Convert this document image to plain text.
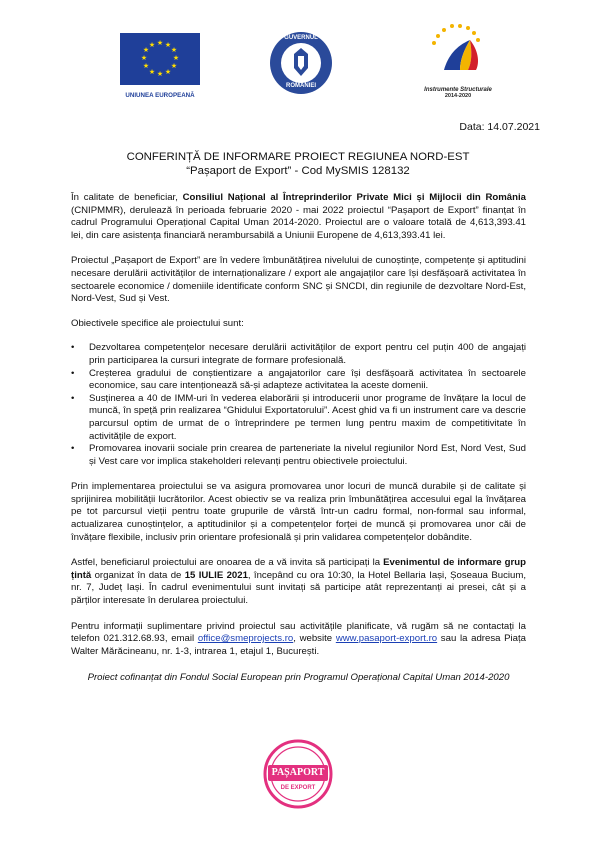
★ ★
★
★
★
★
★
★
★
★
★
★
UNIUNEA EUROPEANĂ
GUVERNUL
ROMÂNIEI
Instrumente Structurale
2014-2020
Data: 14.07.2021
CONFERINȚĂ DE INFORMARE PROIECT REGIUNEA NORD-EST
“Pașaport de Export” - Cod MySMIS 128132

În calitate de beneficiar, Consiliul Național al Întreprinderilor Private Mici și Mijlocii din România (CNIPMMR), derulează în perioada februarie 2020 - mai 2022 proiectul “Pașaport de Export” finanțat în cadrul Programului Operațional Capital Uman 2014-2020. Proiectul are o valoare totală de 4,613,393.41 lei, din care asistența financiară nerambursabilă a Uniunii Europene de 4,613,393.41 lei.

Proiectul „Pașaport de Export” are în vedere îmbunătățirea nivelului de cunoștințe, competențe și aptitudini necesare derulării activităților de internaționalizare / export ale angajaților care își desfășoară activitatea în sectoarele economice / domeniile identificate conform SNC și SNCDI, din regiunile de dezvoltare Nord-Est, Nord-Vest, Sud și Vest.

Obiectivele specifice ale proiectului sunt:

• Dezvoltarea competențelor necesare derulării activităților de export pentru cel puțin 400 de angajați prin participarea la cursuri integrate de formare profesională.
• Creșterea gradului de conștientizare a angajatorilor care își desfășoară activitatea în sectoarele economice, sau care intenționează să-și adapteze activitatea la aceste domenii.
• Susținerea a 40 de IMM-uri în vederea elaborării și introducerii unor programe de învățare la locul de muncă, în speță prin realizarea “Ghidului Exportatorului”. Acest ghid va fi un instrument care va descrie parcursul optim de urmat de o întreprindere pe termen lung pentru maxim de competitivitate în activitățile de export.
• Promovarea inovarii sociale prin crearea de parteneriate la nivelul regiunilor Nord Est, Nord Vest, Sud și Vest care vor implica stakeholderi relevanți pentru obiectivele proiectului.

Prin implementarea proiectului se va asigura promovarea unor locuri de muncă durabile și de calitate și sprijinirea mobilității lucrătorilor. Acest obiectiv se va realiza prin îmbunătățirea accesului egal la învățarea pe tot parcursul vieții pentru toate grupurile de vârstă într-un cadru formal, non-formal sau informal, actualizarea cunoștințelor, a aptitudinilor și a competențelor forței de muncă și promovarea unor căi de învățare flexibile, inclusiv prin orientare profesională și prin validarea competențelor dobândite.

Astfel, beneficiarul proiectului are onoarea de a vă invita să participați la Evenimentul de informare grup țintă organizat în data de 15 IULIE 2021, începând cu ora 10:30, la Hotel Bellaria Iași, Șoseaua Bucium, nr. 7, Județ Iași. În cadrul evenimentului sunt invitați să participe atât reprezentanți ai presei, cât și a părților interesate în derularea proiectului.

Pentru informații suplimentare privind proiectul sau activitățile planificate, vă rugăm să ne contactați la telefon 021.312.68.93, email office@smeprojects.ro, website www.pasaport-export.ro sau la adresa Piața Walter Mărăcineanu, nr. 1-3, intrarea 1, etajul 1, București.

Proiect cofinanțat din Fondul Social European prin Programul Operațional Capital Uman 2014-2020

PAȘAPORT
DE EXPORT
